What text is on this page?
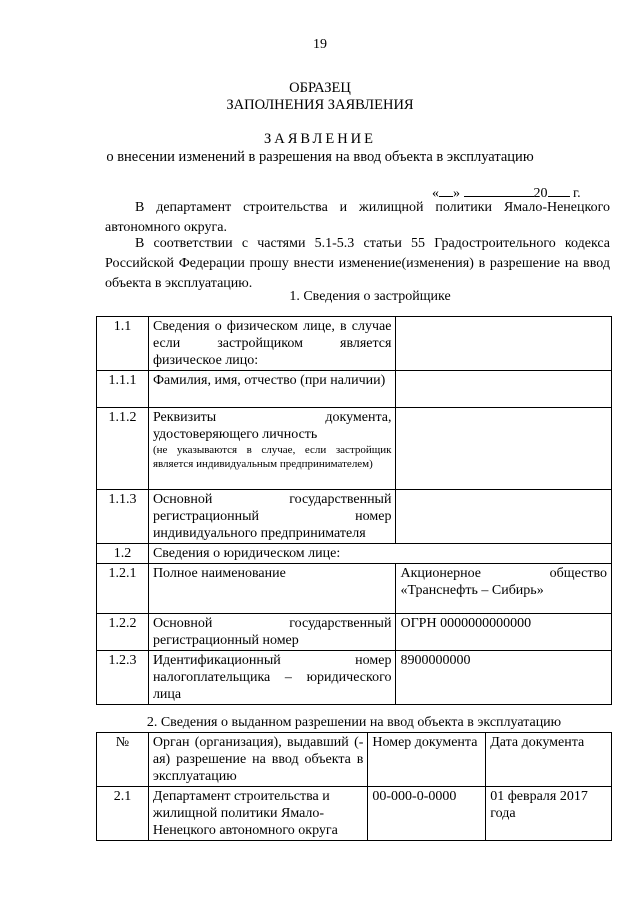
19
ОБРАЗЕЦ
ЗАПОЛНЕНИЯ ЗАЯВЛЕНИЯ
ЗАЯВЛЕНИЕ
о внесении изменений в разрешения на ввод объекта в эксплуатацию
« »	20 г.
В департамент строительства и жилищной политики Ямало-Ненецкого автономного округа.
В соответствии с частями 5.1-5.3 статьи 55 Градостроительного кодекса Российской Федерации прошу внести изменение(изменения) в разрешение на ввод объекта в эксплуатацию.
1. Сведения о застройщике
1.1	Сведения о физическом лице, в случае если застройщиком является физическое лицо:	
1.1.1	Фамилия, имя, отчество (при наличии)	
1.1.2	Реквизиты документа, удостоверяющего личность
(не указываются в случае, если застройщик является индивидуальным предпринимателем)	

1.1.3	Основной государственный регистрационный номер индивидуального предпринимателя	
1.2	Сведения о юридическом лице:	
1.2.1	Полное наименование	Акционерное общество «Транснефть – Сибирь»
1.2.2	Основной государственный регистрационный номер	ОГРН 0000000000000
1.2.3	Идентификационный номер налогоплательщика – юридического лица	8900000000
2. Сведения о выданном разрешении на ввод объекта в эксплуатацию
№	Орган (организация), выдавший (-ая) разрешение на ввод объекта в эксплуатацию	Номер документа	Дата документа
2.1	Департамент строительства и жилищной политики Ямало-Ненецкого автономного округа	00-000-0-0000	01 февраля 2017 года
